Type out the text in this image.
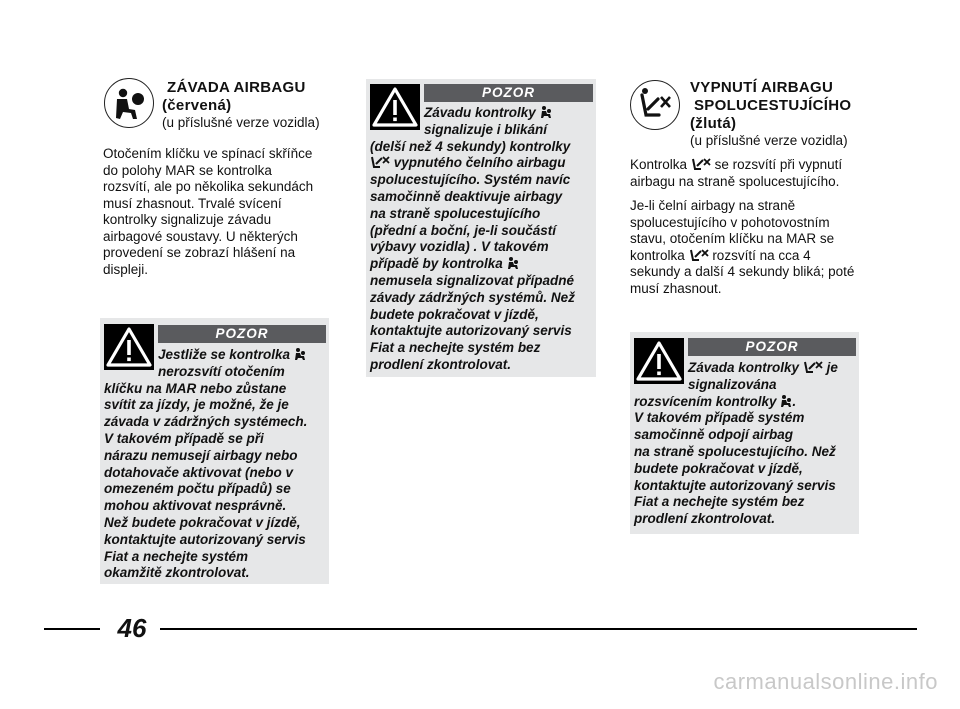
ZÁVADA AIRBAGU
(červená)
(u příslušné verze vozidla)
Otočením klíčku ve spínací skříňce
do polohy MAR se kontrolka
rozsvítí, ale po několika sekundách
musí zhasnout. Trvalé svícení
kontrolky signalizuje závadu
airbagové soustavy. U některých
provedení se zobrazí hlášení na
displeji.
POZOR
Jestliže se kontrolka
nerozsvítí otočením
klíčku na MAR nebo zůstane
svítit za jízdy, je možné, že je
závada v zádržných systémech.
V takovém případě se při
nárazu nemusejí airbagy nebo
dotahovače aktivovat (nebo v
omezeném počtu případů) se
mohou aktivovat nesprávně.
Než budete pokračovat v jízdě,
kontaktujte autorizovaný servis
Fiat a nechejte systém
okamžitě zkontrolovat.
POZOR
Závadu kontrolky
signalizuje i blikání
(delší než 4 sekundy) kontrolky
vypnutého čelního airbagu
spolucestujícího. Systém navíc
samočinně deaktivuje airbagy
na straně spolucestujícího
(přední a boční, je-li součástí
výbavy vozidla) . V takovém
případě by kontrolka
nemusela signalizovat případné
závady zádržných systémů. Než
budete pokračovat v jízdě,
kontaktujte autorizovaný servis
Fiat a nechejte systém bez
prodlení zkontrolovat.
VYPNUTÍ AIRBAGU
SPOLUCESTUJÍCÍHO
(žlutá)
(u příslušné verze vozidla)
Kontrolka se rozsvítí při vypnutí
airbagu na straně spolucestujícího.
Je-li čelní airbagy na straně
spolucestujícího v pohotovostním
stavu, otočením klíčku na MAR se
kontrolka rozsvítí na cca 4
sekundy a další 4 sekundy bliká; poté
musí zhasnout.
POZOR
Závada kontrolky je
signalizována
rozsvícením kontrolky .
V takovém případě systém
samočinně odpojí airbag
na straně spolucestujícího. Než
budete pokračovat v jízdě,
kontaktujte autorizovaný servis
Fiat a nechejte systém bez
prodlení zkontrolovat.
46
carmanualsonline.info
